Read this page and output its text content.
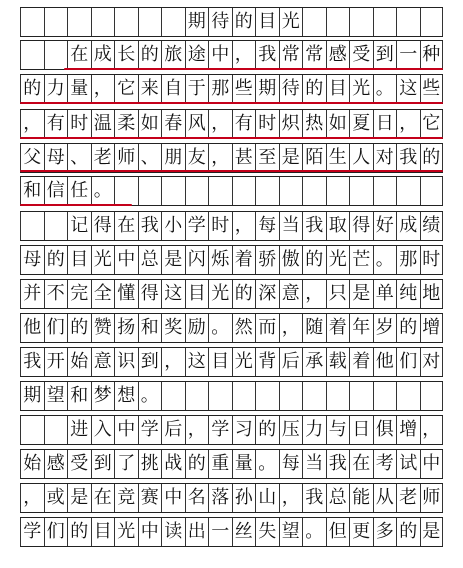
期 待 的 目 光

在 成 长 的 旅 途 中 ， 我 常 常 感 受 到 一 种
的 力 量 ， 它 来 自 于 那 些 期 待 的 目 光 。 这 些
， 有 时 温 柔 如 春 风 ， 有 时 炽 热 如 夏 日 ， 它
父 母 、 老 师 、 朋 友 ， 甚 至 是 陌 生 人 对 我 的
和 信 任 。

记 得 在 我 小 学 时 ， 每 当 我 取 得 好 成 绩
母 的 目 光 中 总 是 闪 烁 着 骄 傲 的 光 芒 。 那 时
并 不 完 全 懂 得 这 目 光 的 深 意 ， 只 是 单 纯 地
他 们 的 赞 扬 和 奖 励 。 然 而 ， 随 着 年 岁 的 增
我 开 始 意 识 到 ， 这 目 光 背 后 承 载 着 他 们 对
期 望 和 梦 想 。

进 入 中 学 后 ， 学 习 的 压 力 与 日 俱 增 ，
始 感 受 到 了 挑 战 的 重 量 。 每 当 我 在 考 试 中
， 或 是 在 竞 赛 中 名 落 孙 山 ， 我 总 能 从 老 师
学 们 的 目 光 中 读 出 一 丝 失 望 。 但 更 多 的 是
